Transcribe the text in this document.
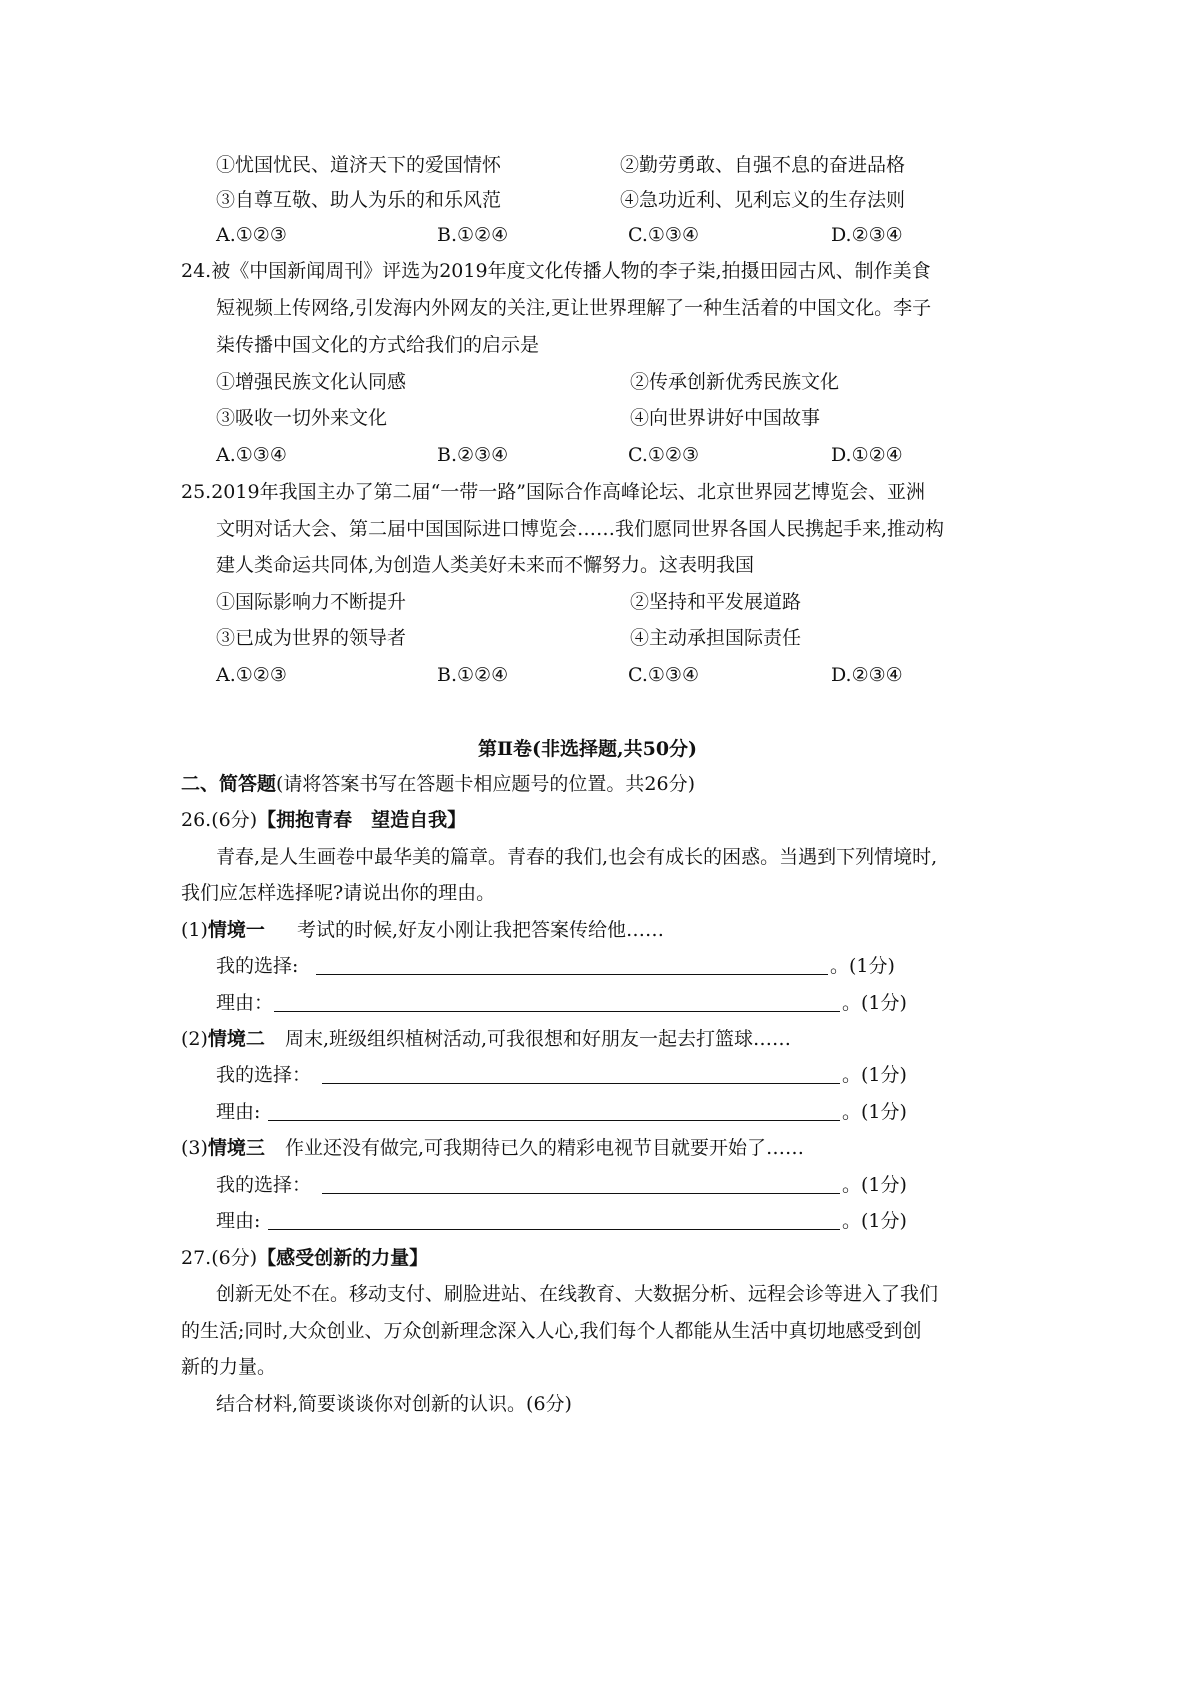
①忧国忧民、道济天下的爱国情怀	②勤劳勇敢、自强不息的奋进品格
③自尊互敬、助人为乐的和乐风范	④急功近利、见利忘义的生存法则
A.①②③	B.①②④	C.①③④	D.②③④
24.被《中国新闻周刊》评选为2019年度文化传播人物的李子柒,拍摄田园古风、制作美食
短视频上传网络,引发海内外网友的关注,更让世界理解了一种生活着的中国文化。李子
柒传播中国文化的方式给我们的启示是
①增强民族文化认同感	②传承创新优秀民族文化
③吸收一切外来文化	④向世界讲好中国故事
A.①③④	B.②③④	C.①②③	D.①②④
25.2019年我国主办了第二届“一带一路”国际合作高峰论坛、北京世界园艺博览会、亚洲
文明对话大会、第二届中国国际进口博览会……我们愿同世界各国人民携起手来,推动构
建人类命运共同体,为创造人类美好未来而不懈努力。这表明我国
①国际影响力不断提升	②坚持和平发展道路
③已成为世界的领导者	④主动承担国际责任
A.①②③	B.①②④	C.①③④	D.②③④
第Ⅱ卷(非选择题,共50分)
二、简答题(请将答案书写在答题卡相应题号的位置。共26分)
26.(6分)【拥抱青春　望造自我】
青春,是人生画卷中最华美的篇章。青春的我们,也会有成长的困惑。当遇到下列情境时,
我们应怎样选择呢?请说出你的理由。
(1)情境一 考试的时候,好友小刚让我把答案传给他……
我的选择:	。(1分)
理由：	。(1分)
(2)情境二 周末,班级组织植树活动,可我很想和好朋友一起去打篮球……
我的选择：	。(1分)
理由:	。(1分)
(3)情境三 作业还没有做完,可我期待已久的精彩电视节目就要开始了……
我的选择：	。(1分)
理由:	。(1分)
27.(6分)【感受创新的力量】
创新无处不在。移动支付、刷脸进站、在线教育、大数据分析、远程会诊等进入了我们
的生活;同时,大众创业、万众创新理念深入人心,我们每个人都能从生活中真切地感受到创
新的力量。
结合材料,简要谈谈你对创新的认识。(6分)
